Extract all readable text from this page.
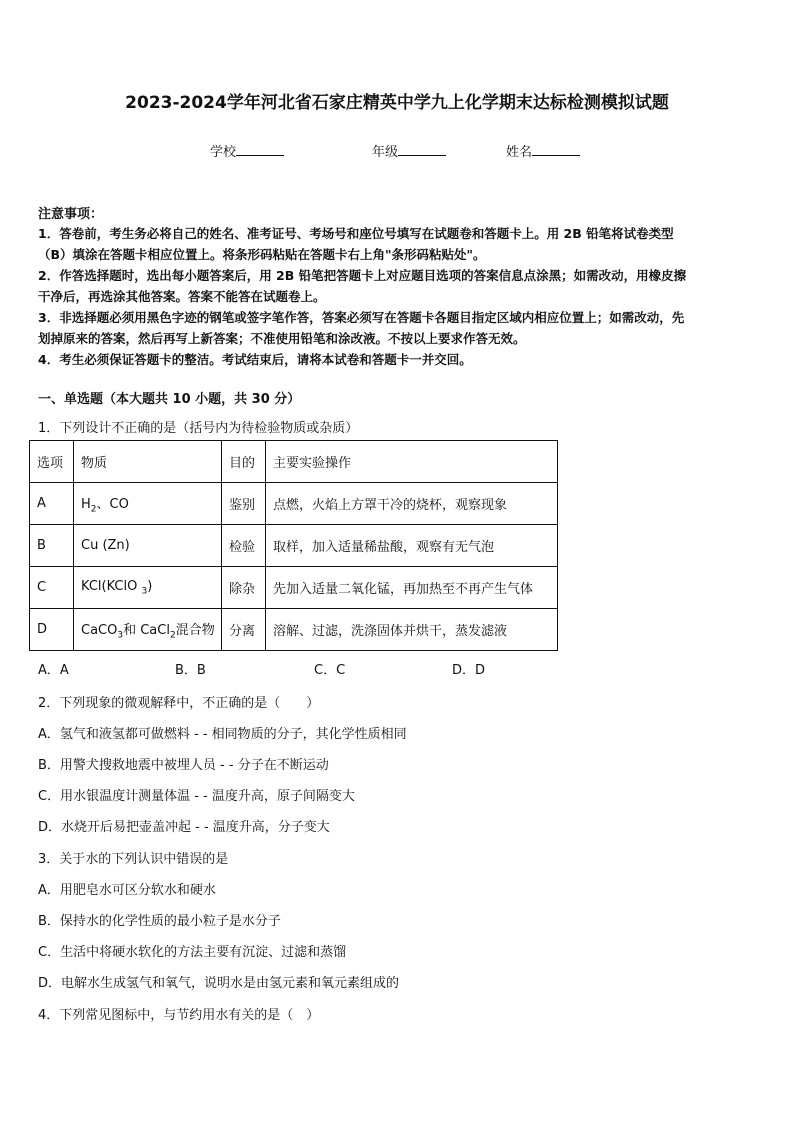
2023-2024学年河北省石家庄精英中学九上化学期末达标检测模拟试题
学校	年级	姓名
注意事项：
1．答卷前，考生务必将自己的姓名、准考证号、考场号和座位号填写在试题卷和答题卡上。用 2B 铅笔将试卷类型
（B）填涂在答题卡相应位置上。将条形码粘贴在答题卡右上角"条形码粘贴处"。
2．作答选择题时，选出每小题答案后，用 2B 铅笔把答题卡上对应题目选项的答案信息点涂黑；如需改动，用橡皮擦
干净后，再选涂其他答案。答案不能答在试题卷上。
3．非选择题必须用黑色字迹的钢笔或签字笔作答，答案必须写在答题卡各题目指定区域内相应位置上；如需改动，先
划掉原来的答案，然后再写上新答案；不准使用铅笔和涂改液。不按以上要求作答无效。
4．考生必须保证答题卡的整洁。考试结束后，请将本试卷和答题卡一并交回。
一、单选题（本大题共 10 小题，共 30 分）
1．下列设计不正确的是（括号内为待检验物质或杂质）
选项	物质	目的	主要实验操作
A	$H_2$、CO	鉴别	点燃，火焰上方罩干冷的烧杯，观察现象
B	Cu (Zn)	检验	取样，加入适量稀盐酸，观察有无气泡
C	KCl(KClO $_3$)	除杂	先加入适量二氧化锰，再加热至不再产生气体
D	CaCO$_3$和 CaCl$_2$混合物	分离	溶解、过滤，洗涤固体并烘干，蒸发滤液
A．A	B．B	C．C	D．D
2．下列现象的微观解释中，不正确的是（　　）
A．氢气和液氢都可做燃料 - - 相同物质的分子，其化学性质相同
B．用警犬搜救地震中被埋人员 - - 分子在不断运动
C．用水银温度计测量体温 - - 温度升高，原子间隔变大
D．水烧开后易把壶盖冲起 - - 温度升高，分子变大
3．关于水的下列认识中错误的是
A．用肥皂水可区分软水和硬水
B．保持水的化学性质的最小粒子是水分子
C．生活中将硬水软化的方法主要有沉淀、过滤和蒸馏
D．电解水生成氢气和氧气，说明水是由氢元素和氧元素组成的
4．下列常见图标中，与节约用水有关的是（　）
